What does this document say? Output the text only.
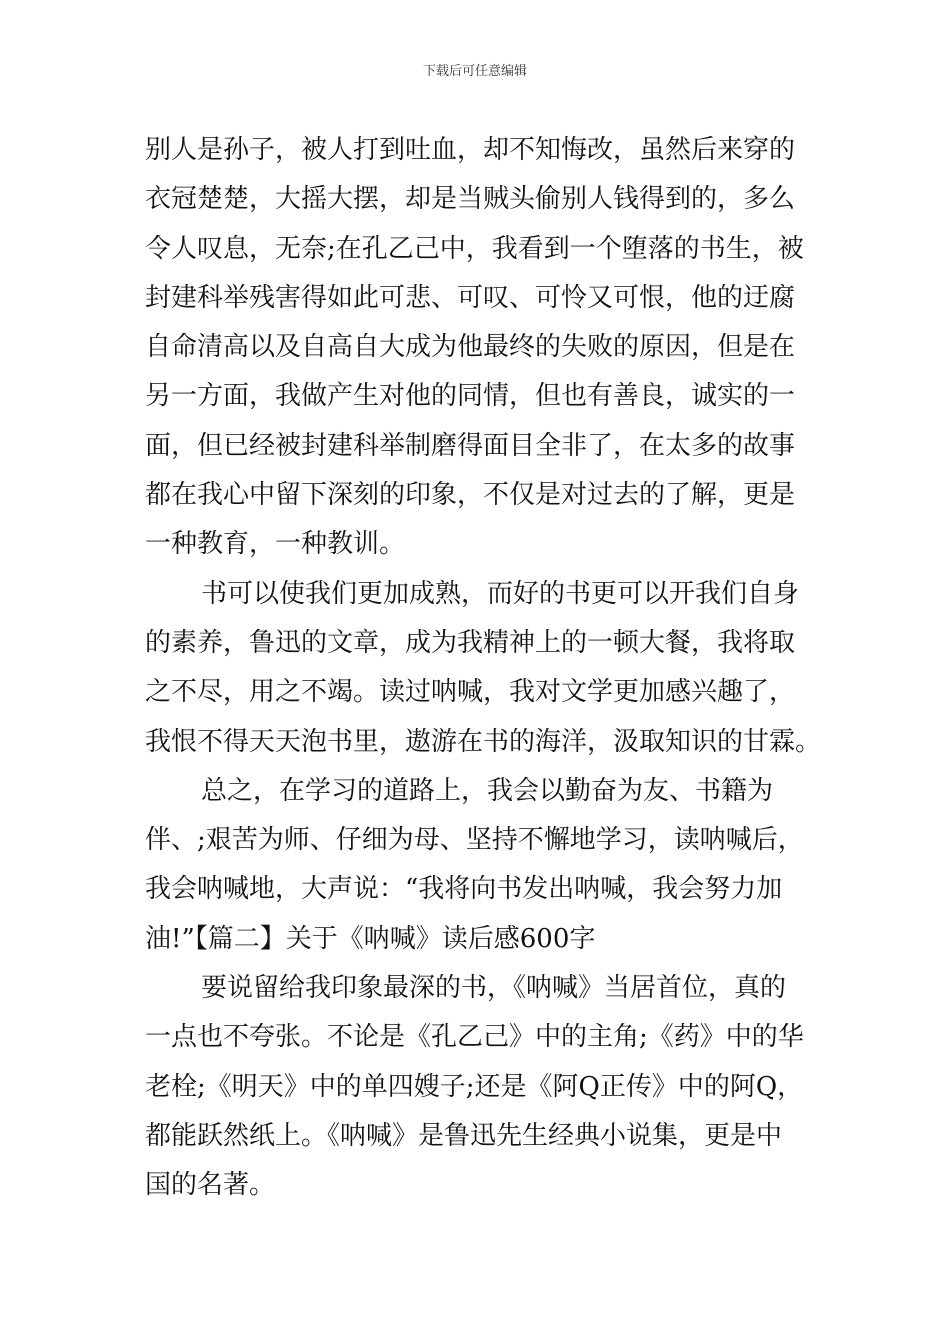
下载后可任意编辑
别人是孙子，被人打到吐血，却不知悔改，虽然后来穿的
衣冠楚楚，大摇大摆，却是当贼头偷别人钱得到的，多么
令人叹息，无奈;在孔乙己中，我看到一个堕落的书生，被
封建科举残害得如此可悲、可叹、可怜又可恨，他的迂腐
自命清高以及自高自大成为他最终的失败的原因，但是在
另一方面，我做产生对他的同情，但也有善良，诚实的一
面，但已经被封建科举制磨得面目全非了，在太多的故事
都在我心中留下深刻的印象，不仅是对过去的了解，更是
一种教育，一种教训。
书可以使我们更加成熟，而好的书更可以开我们自身
的素养，鲁迅的文章，成为我精神上的一顿大餐，我将取
之不尽，用之不竭。读过呐喊，我对文学更加感兴趣了，
我恨不得天天泡书里，遨游在书的海洋，汲取知识的甘霖。
总之，在学习的道路上，我会以勤奋为友、书籍为
伴、;艰苦为师、仔细为母、坚持不懈地学习，读呐喊后，
我会呐喊地，大声说：“我将向书发出呐喊，我会努力加
油!”【篇二】关于《呐喊》读后感600字
要说留给我印象最深的书，《呐喊》当居首位，真的
一点也不夸张。不论是《孔乙己》中的主角;《药》中的华
老栓;《明天》中的单四嫂子;还是《阿Q正传》中的阿Q，
都能跃然纸上。《呐喊》是鲁迅先生经典小说集，更是中
国的名著。
